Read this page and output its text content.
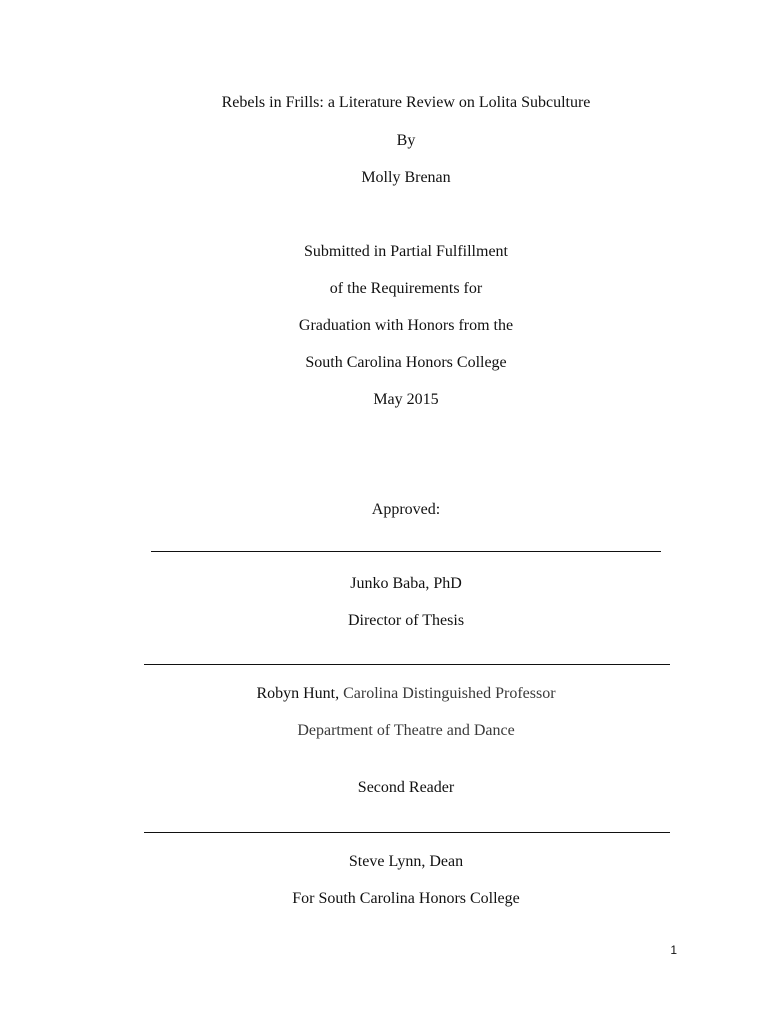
Rebels in Frills: a Literature Review on Lolita Subculture
By
Molly Brenan
Submitted in Partial Fulfillment
of the Requirements for
Graduation with Honors from the
South Carolina Honors College
May 2015
Approved:
Junko Baba, PhD
Director of Thesis
Robyn Hunt, Carolina Distinguished Professor
Department of Theatre and Dance
Second Reader
Steve Lynn, Dean
For South Carolina Honors College
1
